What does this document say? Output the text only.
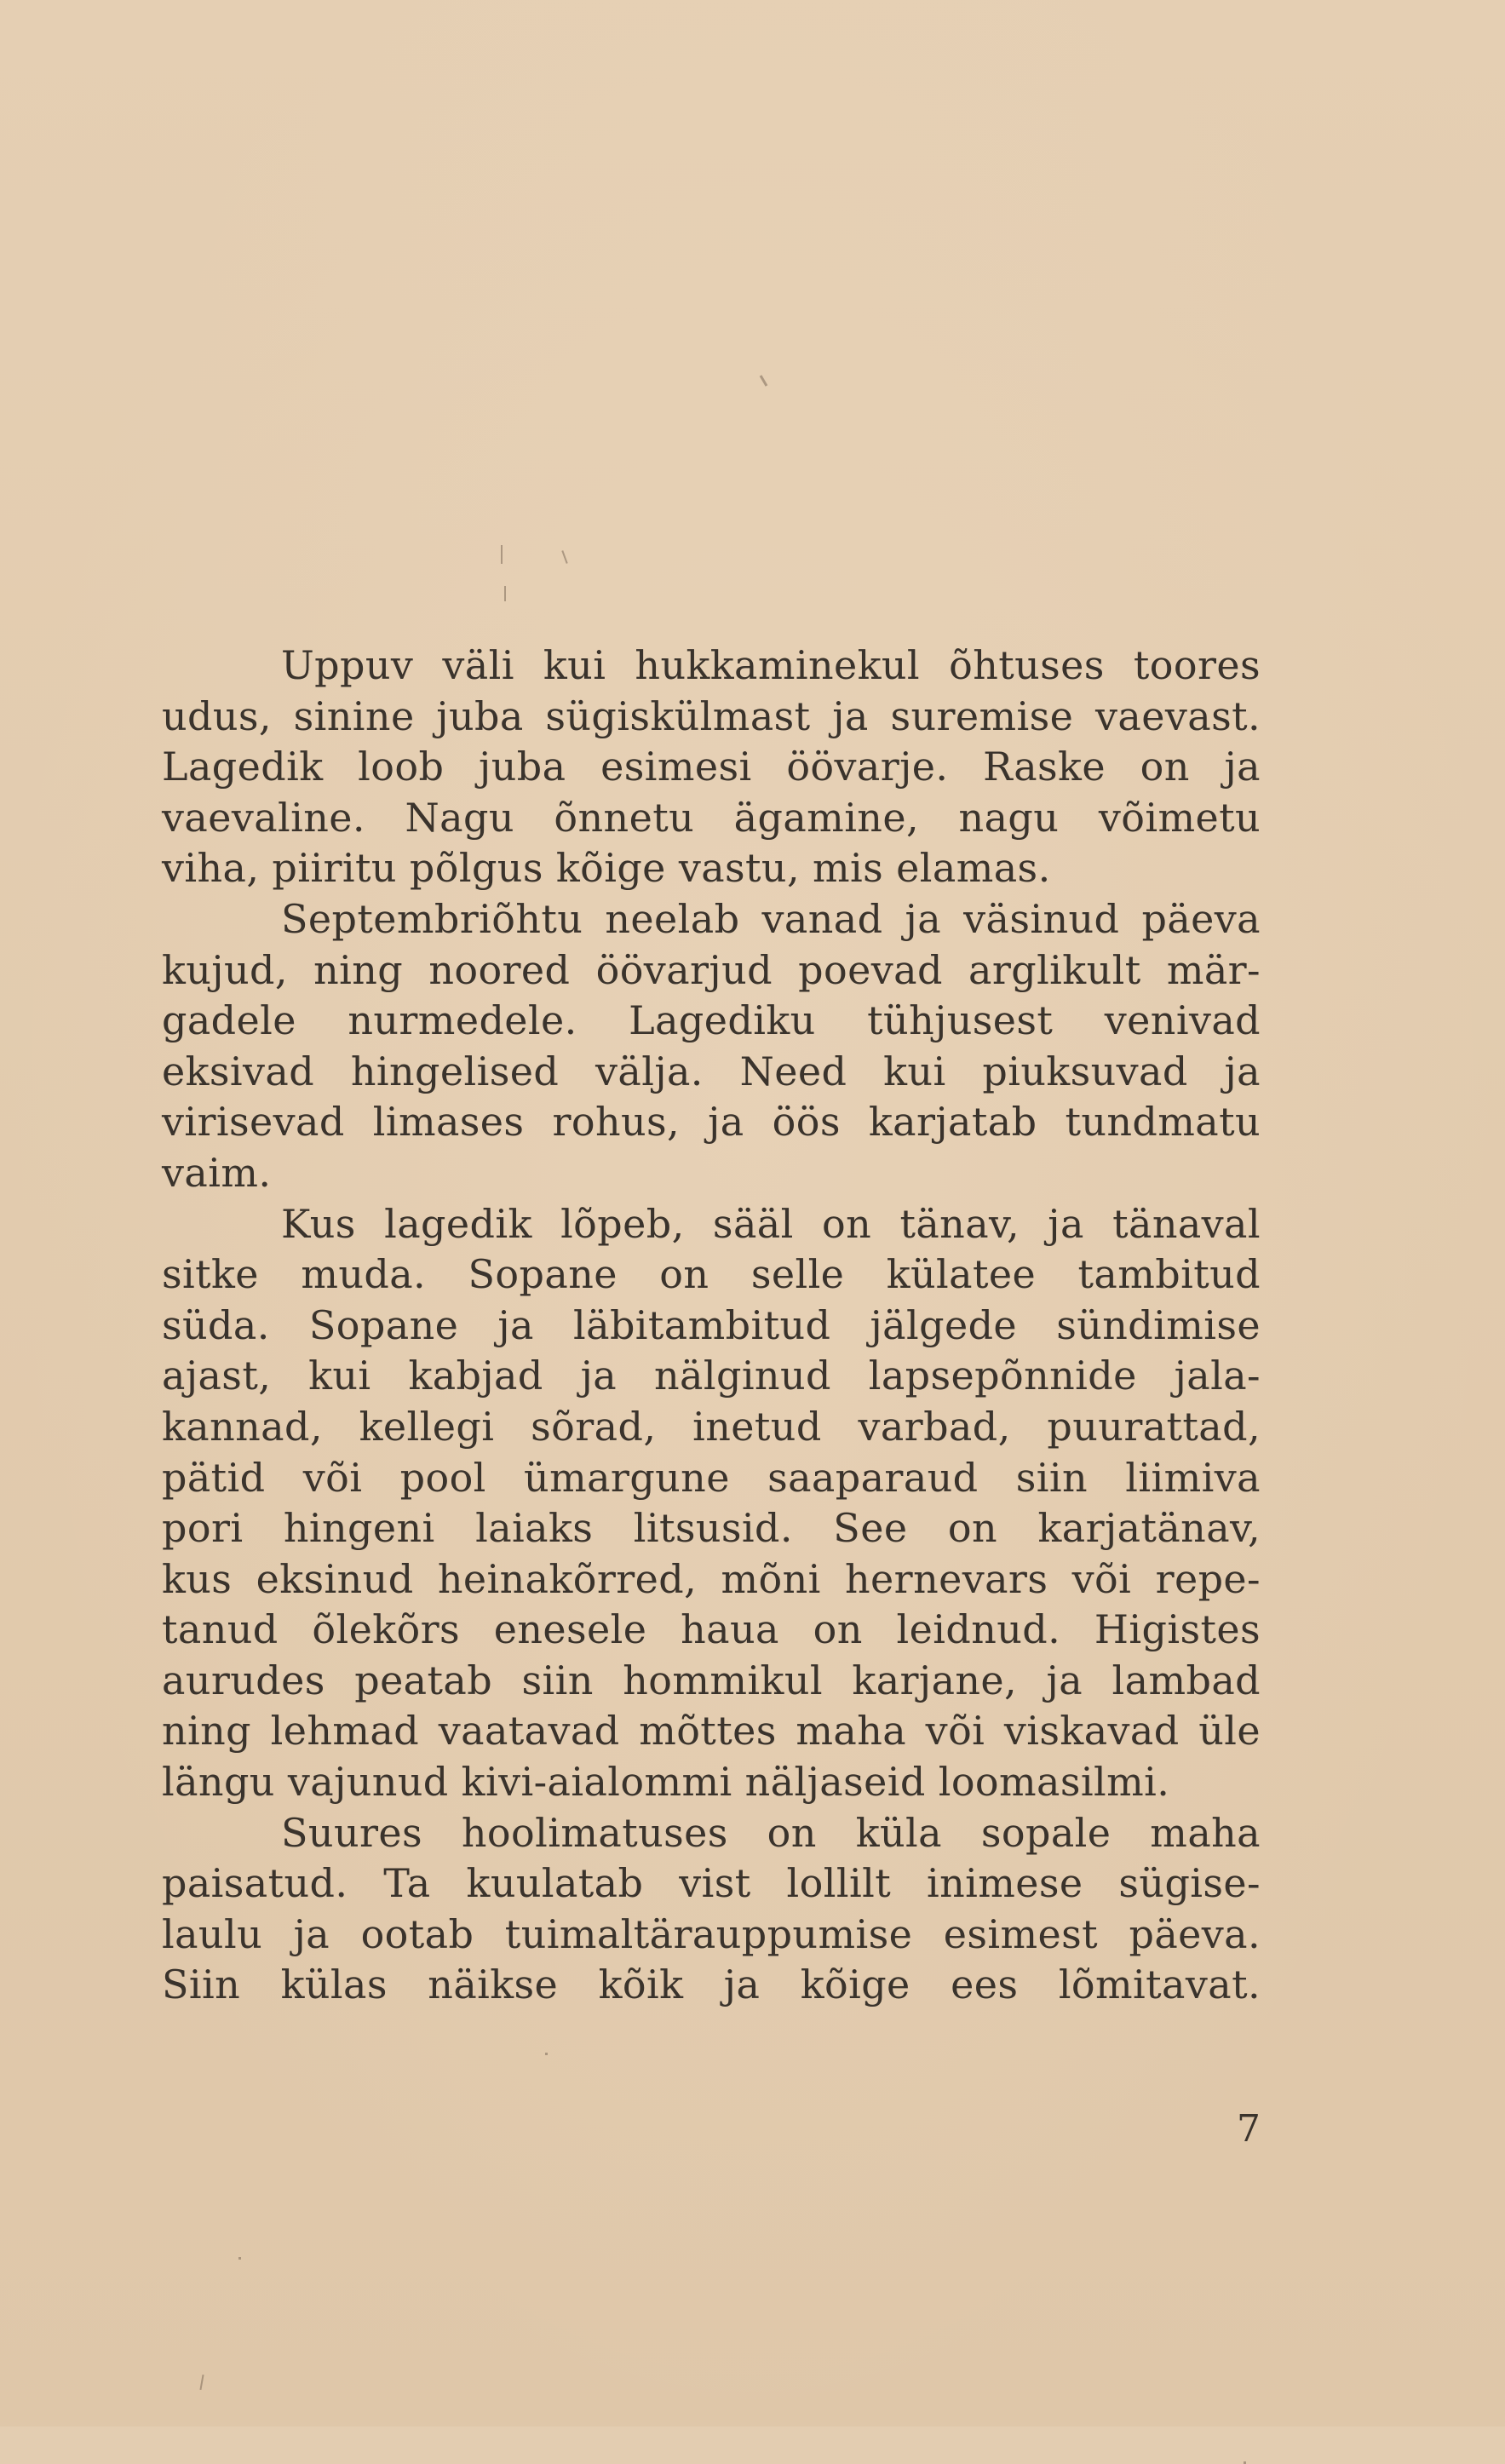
Uppuv väli kui hukkaminekul õhtuses toores
udus, sinine juba sügiskülmast ja suremise vaevast.
Lagedik loob juba esimesi öövarje. Raske on ja
vaevaline. Nagu õnnetu ägamine, nagu võimetu
viha, piiritu põlgus kõige vastu, mis elamas.
Septembriõhtu neelab vanad ja väsinud päeva
kujud, ning noored öövarjud poevad arglikult mär-
gadele nurmedele. Lagediku tühjusest venivad
eksivad hingelised välja. Need kui piuksuvad ja
virisevad limases rohus, ja öös karjatab tundmatu
vaim.
Kus lagedik lõpeb, sääl on tänav, ja tänaval
sitke muda. Sopane on selle külatee tambitud
süda. Sopane ja läbitambitud jälgede sündimise
ajast, kui kabjad ja nälginud lapsepõnnide jala-
kannad, kellegi sõrad, inetud varbad, puurattad,
pätid või pool ümargune saaparaud siin liimiva
pori hingeni laiaks litsusid. See on karjatänav,
kus eksinud heinakõrred, mõni hernevars või repe-
tanud õlekõrs enesele haua on leidnud. Higistes
aurudes peatab siin hommikul karjane, ja lambad
ning lehmad vaatavad mõttes maha või viskavad üle
längu vajunud kivi-aialommi näljaseid loomasilmi.
Suures hoolimatuses on küla sopale maha
paisatud. Ta kuulatab vist lollilt inimese sügise-
laulu ja ootab tuimaltärauppumise esimest päeva.
Siin külas näikse kõik ja kõige ees lõmitavat.
7
